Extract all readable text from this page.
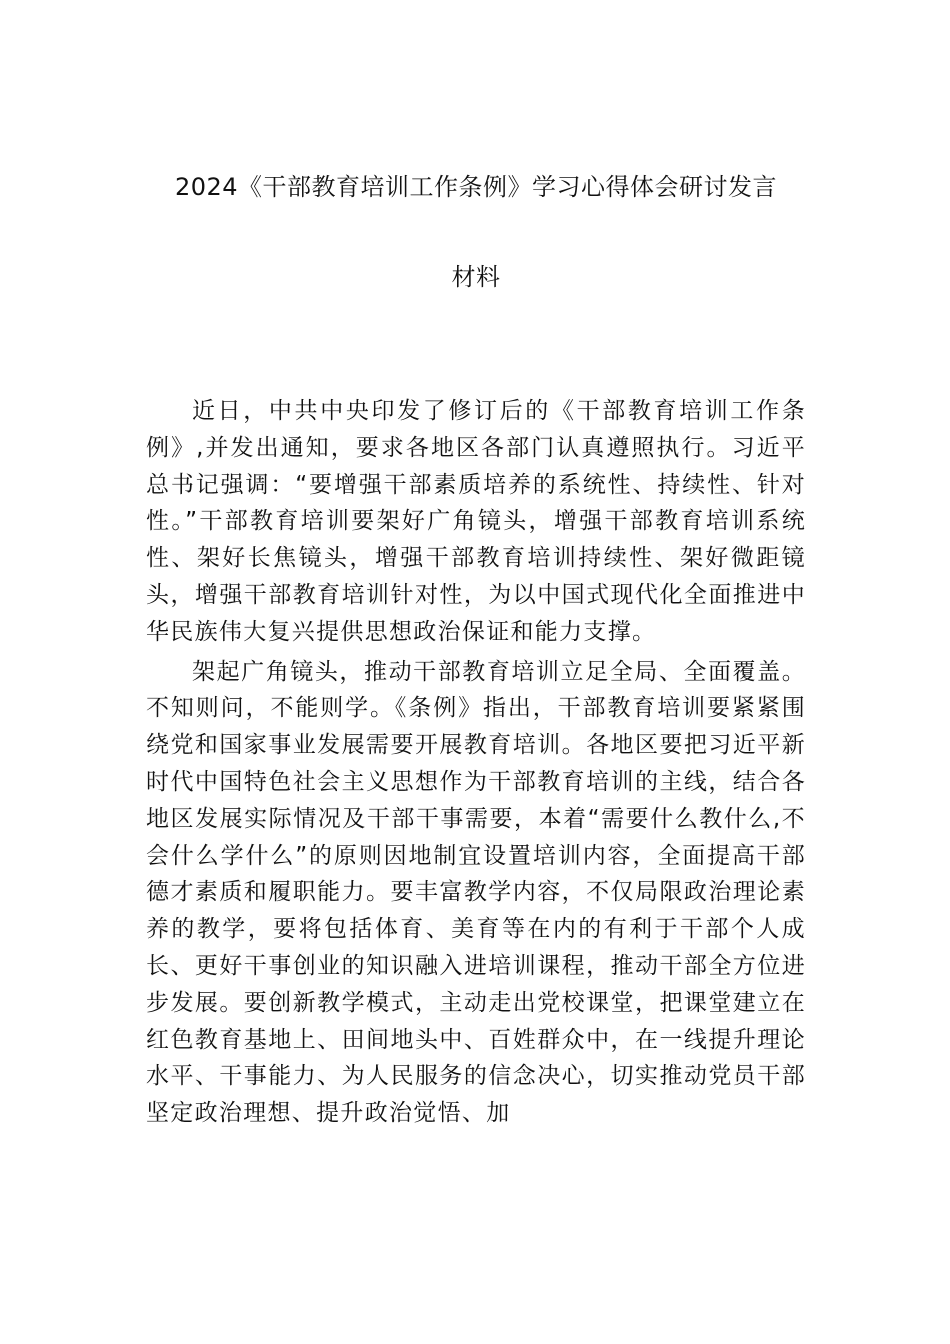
2024《干部教育培训工作条例》学习心得体会研讨发言
材料

近日，中共中央印发了修订后的《干部教育培训工作条例》,并发出通知，要求各地区各部门认真遵照执行。习近平总书记强调：“要增强干部素质培养的系统性、持续性、针对性。”干部教育培训要架好广角镜头，增强干部教育培训系统性、架好长焦镜头，增强干部教育培训持续性、架好微距镜头，增强干部教育培训针对性，为以中国式现代化全面推进中华民族伟大复兴提供思想政治保证和能力支撑。

架起广角镜头，推动干部教育培训立足全局、全面覆盖。不知则问，不能则学。《条例》指出，干部教育培训要紧紧围绕党和国家事业发展需要开展教育培训。各地区要把习近平新时代中国特色社会主义思想作为干部教育培训的主线，结合各地区发展实际情况及干部干事需要，本着“需要什么教什么,不会什么学什么”的原则因地制宜设置培训内容，全面提高干部德才素质和履职能力。要丰富教学内容，不仅局限政治理论素养的教学，要将包括体育、美育等在内的有利于干部个人成长、更好干事创业的知识融入进培训课程，推动干部全方位进步发展。要创新教学模式，主动走出党校课堂，把课堂建立在红色教育基地上、田间地头中、百姓群众中，在一线提升理论水平、干事能力、为人民服务的信念决心，切实推动党员干部坚定政治理想、提升政治觉悟、加
